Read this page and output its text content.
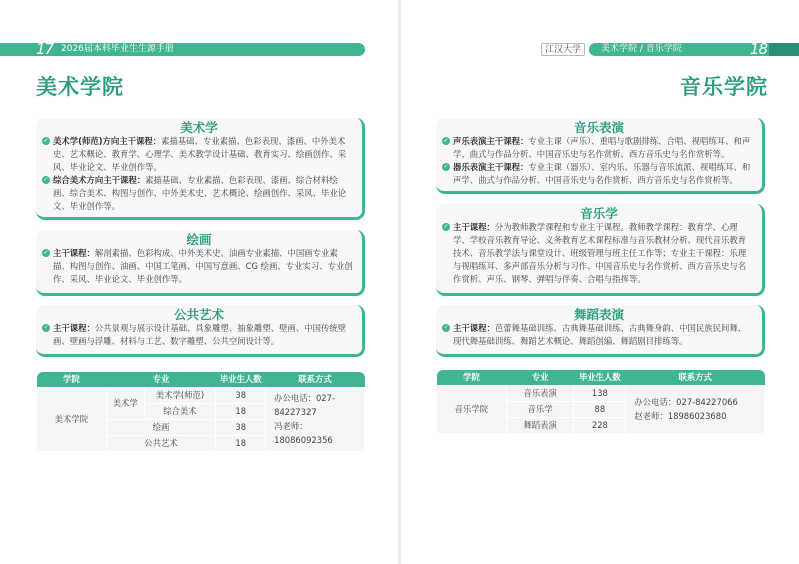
17 2026届本科毕业生生源手册
美术学院
美术学
✓ 美术学(师范)方向主干课程：素描基础、专业素描、色彩表现、漆画、中外美术史、艺术概论、教育学、心理学、美术教学设计基础、教育实习、绘画创作、采风、毕业论文、毕业创作等。
✓ 综合美术方向主干课程：素描基础、专业素描、色彩表现、漆画、综合材料绘画、综合美术、构图与创作、中外美术史、艺术概论、绘画创作、采风、毕业论文、毕业创作等。
绘画
✓ 主干课程：解剖素描、色彩构成、中外美术史、油画专业素描、中国画专业素描、构图与创作、油画、中国工笔画、中国写意画、CG 绘画、专业实习、专业创作、采风、毕业论文、毕业创作等。
公共艺术
✓ 主干课程：公共景观与展示设计基础、具象雕塑、抽象雕塑、壁画、中国传统壁画、壁画与浮雕、材料与工艺、数字雕塑、公共空间设计等。
学院	专业		毕业生人数	联系方式
美术学院	美术学	美术学(师范)	38	办公电话：027-84227327
冯老师：18086092356

		综合美术	18	
	绘画		38	
	公共艺术		18	
江汉大学	美术学院 / 音乐学院	18
音乐学院
音乐表演
✓ 声乐表演主干课程：专业主课（声乐）、重唱与歌剧排练、合唱、视唱练耳、和声学、曲式与作品分析、中国音乐史与名作赏析、西方音乐史与名作赏析等。
✓ 器乐表演主干课程：专业主课（器乐）、室内乐、乐器与音乐流派、视唱练耳、和声学、曲式与作品分析、中国音乐史与名作赏析、西方音乐史与名作赏析等。
音乐学
✓ 主干课程：分为教师教学课程和专业主干课程。教师教学课程：教育学、心理学、学校音乐教育导论、义务教育艺术课程标准与音乐教材分析、现代音乐教育技术、音乐教学法与课堂设计、班级管理与班主任工作等；专业主干课程：乐理与视唱练耳、多声部音乐分析与习作、中国音乐史与名作赏析、西方音乐史与名作赏析、声乐、钢琴、弹唱与伴奏、合唱与指挥等。
舞蹈表演
✓ 主干课程：芭蕾舞基础训练、古典舞基础训练、古典舞身韵、中国民族民间舞、现代舞基础训练、舞蹈艺术概论、舞蹈创编、舞蹈剧目排练等。
学院	专业	毕业生人数	联系方式
音乐学院	音乐表演	138	办公电话：027-84227066
赵老师：18986023680

	音乐学	88	
	舞蹈表演	228	
